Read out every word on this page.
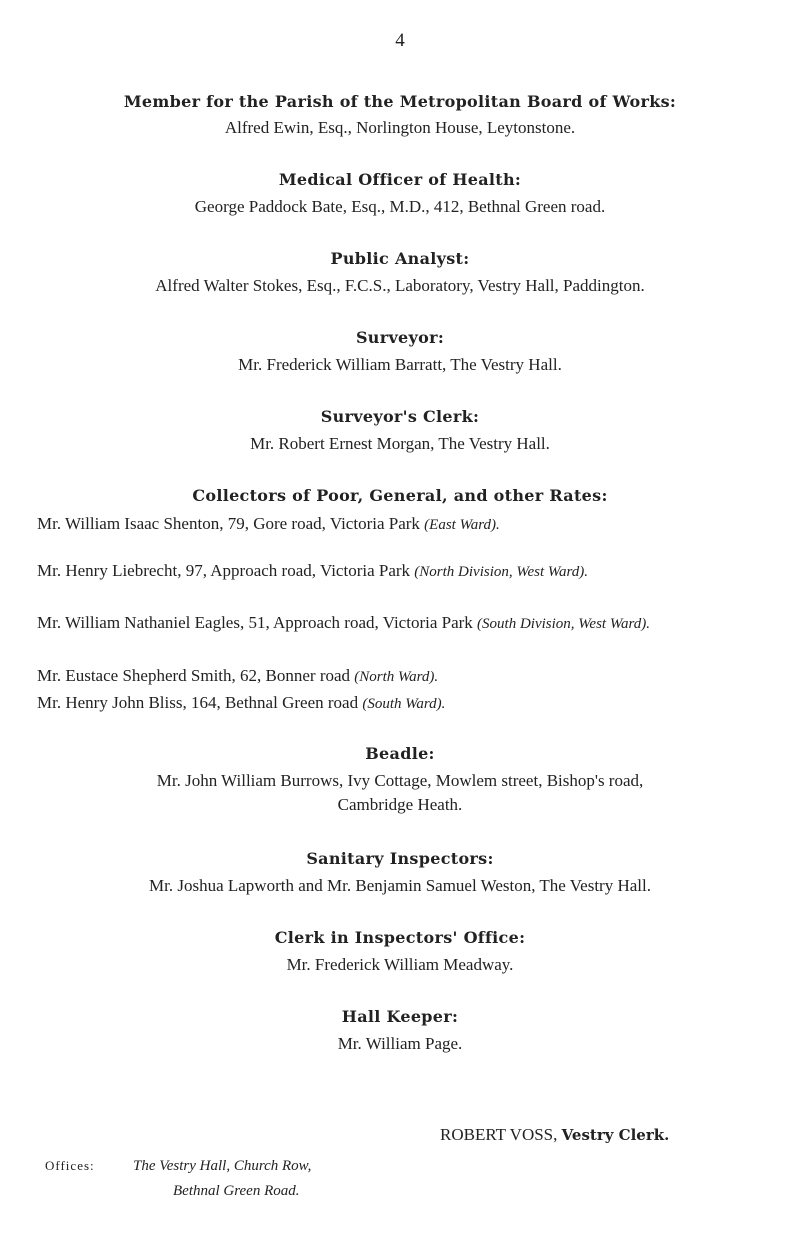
4
Member for the Parish of the Metropolitan Board of Works:
Alfred Ewin, Esq., Norlington House, Leytonstone.
Medical Officer of Health:
George Paddock Bate, Esq., M.D., 412, Bethnal Green road.
Public Analyst:
Alfred Walter Stokes, Esq., F.C.S., Laboratory, Vestry Hall, Paddington.
Surveyor:
Mr. Frederick William Barratt, The Vestry Hall.
Surveyor's Clerk:
Mr. Robert Ernest Morgan, The Vestry Hall.
Collectors of Poor, General, and other Rates:
Mr. William Isaac Shenton, 79, Gore road, Victoria Park (East Ward).
Mr. Henry Liebrecht, 97, Approach road, Victoria Park (North Division, West Ward).
Mr. William Nathaniel Eagles, 51, Approach road, Victoria Park (South Division, West Ward).
Mr. Eustace Shepherd Smith, 62, Bonner road (North Ward).
Mr. Henry John Bliss, 164, Bethnal Green road (South Ward).
Beadle:
Mr. John William Burrows, Ivy Cottage, Mowlem street, Bishop's road,
Cambridge Heath.
Sanitary Inspectors:
Mr. Joshua Lapworth and Mr. Benjamin Samuel Weston, The Vestry Hall.
Clerk in Inspectors' Office:
Mr. Frederick William Meadway.
Hall Keeper:
Mr. William Page.
ROBERT VOSS, Vestry Clerk.
Offices:	The Vestry Hall, Church Row,
Bethnal Green Road.
